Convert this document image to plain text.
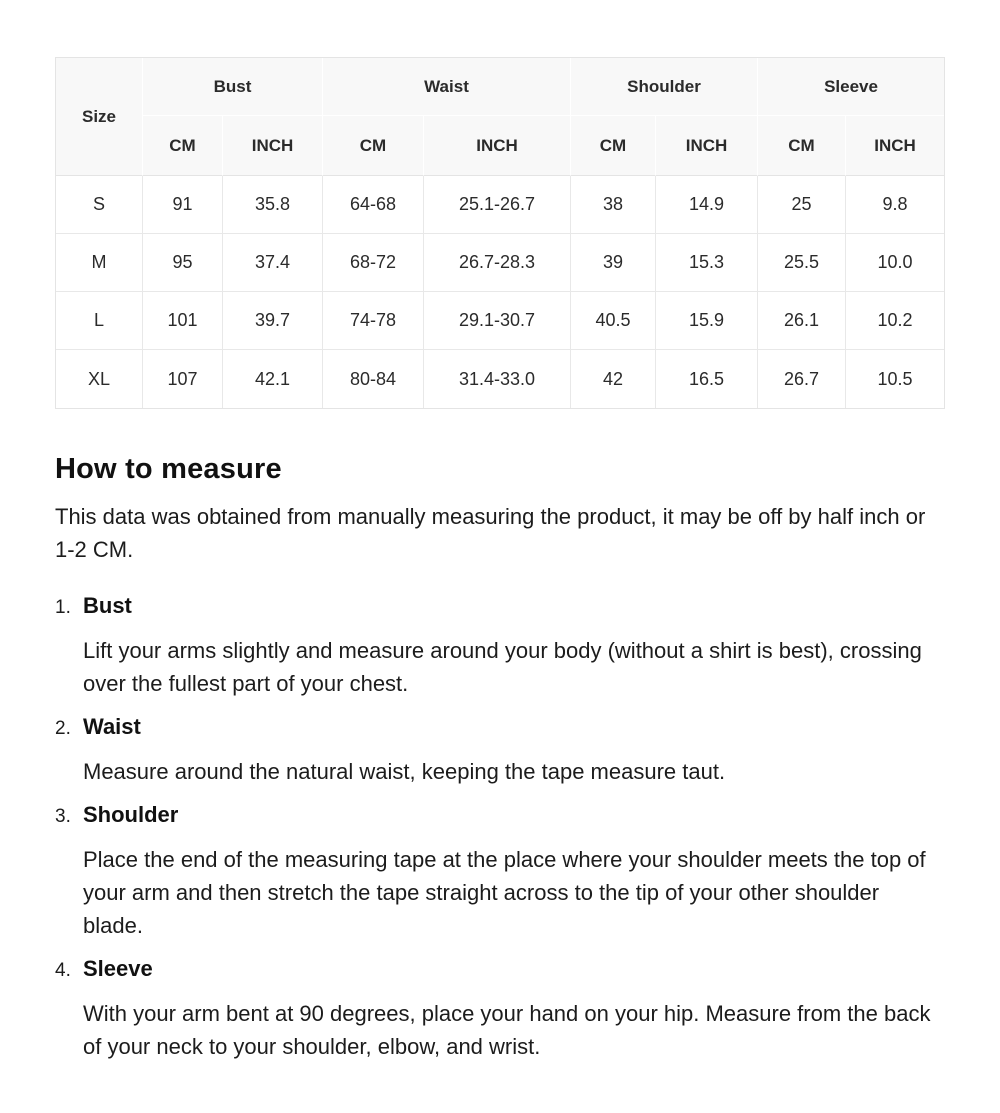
Size	Bust		Waist		Shoulder		Sleeve	
	CM	INCH	CM	INCH	CM	INCH	CM	INCH
S	91	35.8	64-68	25.1-26.7	38	14.9	25	9.8
M	95	37.4	68-72	26.7-28.3	39	15.3	25.5	10.0
L	101	39.7	74-78	29.1-30.7	40.5	15.9	26.1	10.2
XL	107	42.1	80-84	31.4-33.0	42	16.5	26.7	10.5
How to measure

This data was obtained from manually measuring the product, it may be off by half inch or 1-2 CM.

1. Bust

Lift your arms slightly and measure around your body (without a shirt is best), crossing over the fullest part of your chest.

2. Waist

Measure around the natural waist, keeping the tape measure taut.

3. Shoulder

Place the end of the measuring tape at the place where your shoulder meets the top of your arm and then stretch the tape straight across to the tip of your other shoulder blade.

4. Sleeve

With your arm bent at 90 degrees, place your hand on your hip. Measure from the back of your neck to your shoulder, elbow, and wrist.
